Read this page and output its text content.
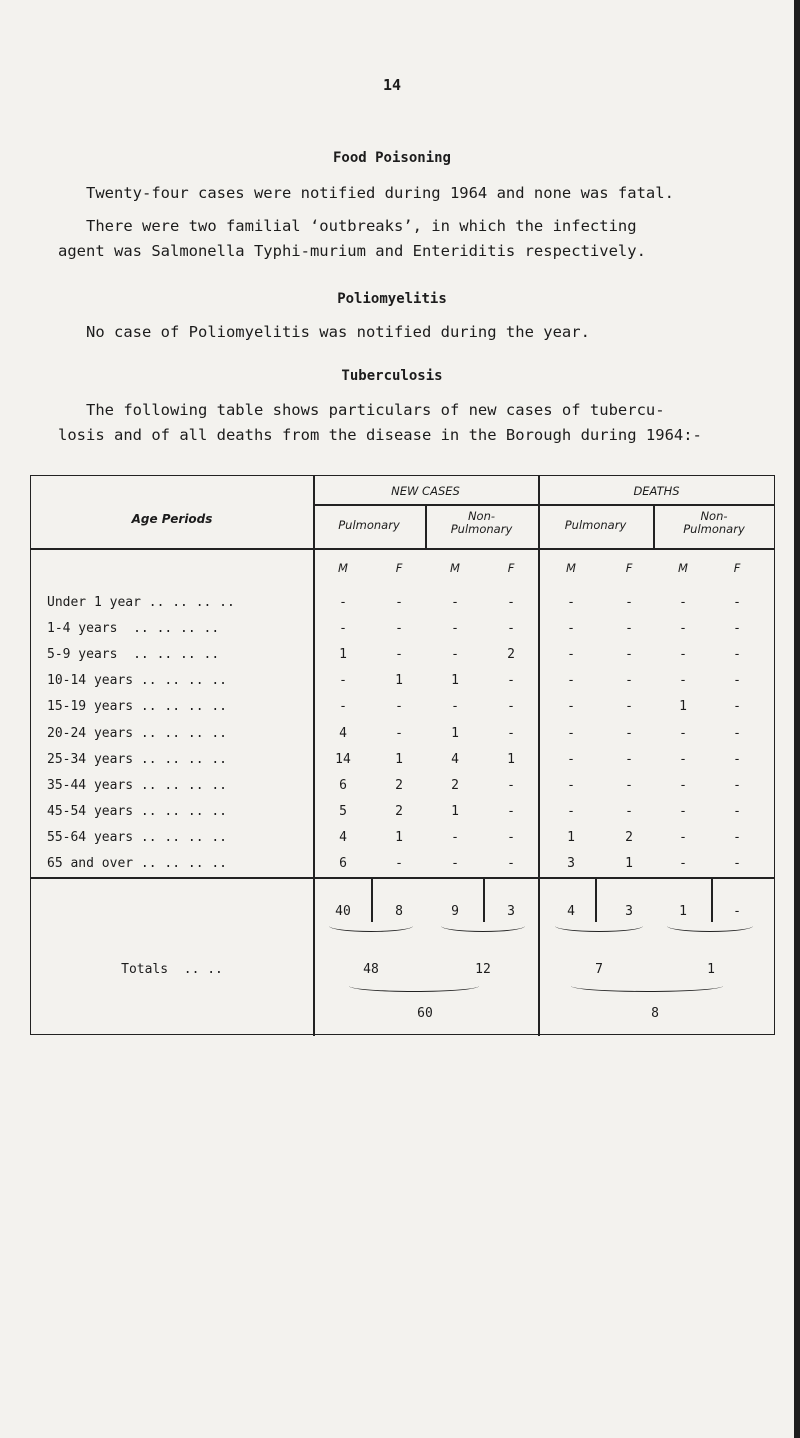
14
Food Poisoning
Twenty-four cases were notified during 1964 and none was fatal.
There were two familial ‘outbreaks’, in which the infecting
agent was Salmonella Typhi-murium and Enteriditis respectively.
Poliomyelitis
No case of Poliomyelitis was notified during the year.
Tuberculosis
The following table shows particulars of new cases of tubercu-
losis and of all deaths from the disease in the Borough during 1964:-
Age Periods
NEW CASES	DEATHS
Pulmonary
Non-
Pulmonary	Pulmonary
Non-
Pulmonary
M	F	M	F	M	F	M	F
Under 1 year .. .. .. ..	-	-	-	-	-	-	-	-
1-4 years  .. .. .. ..	-	-	-	-	-	-	-	-
5-9 years  .. .. .. ..	1	-	-	2	-	-	-	-
10-14 years .. .. .. ..	-	1	1	-	-	-	-	-
15-19 years .. .. .. ..	-	-	-	-	-	-	1	-
20-24 years .. .. .. ..	4	-	1	-	-	-	-	-
25-34 years .. .. .. ..	14	1	4	1	-	-	-	-
35-44 years .. .. .. ..	6	2	2	-	-	-	-	-
45-54 years .. .. .. ..	5	2	1	-	-	-	-	-
55-64 years .. .. .. ..	4	1	-	-	1	2	-	-
65 and over .. .. .. ..	6	-	-	-	3	1	-	-
40	8	9	3	4	3	1	-
48	12	7	1
60	8
Totals  .. ..
